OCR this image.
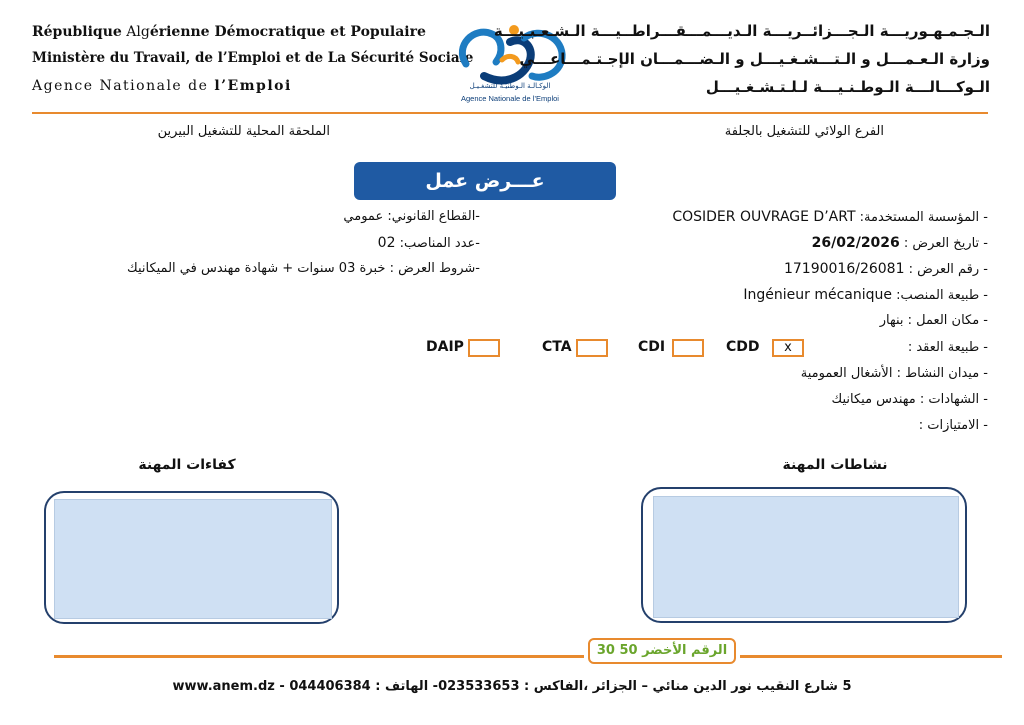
République Algérienne Démocratique et Populaire
Ministère du Travail, de l’Emploi et de La Sécurité Sociale
Agence Nationale de l’Emploi	الوكـالـة الـوطنيّـة للتشغـيـل
Agence Nationale de l’Emploi
الـجـمـهـوريـــة الـجـــزائــريـــة الـديـــمـــقـــراطــيـــة الـشـعـبـيـــة
وزارة الـعـمـــل و الـتـــشـغـيـــل و الـضـــمـــان الإجـتـمـــاعـــي
الـوكـــالـــة الـوطـنـيـــة لـلـتـشـغـيـــل
الفرع الولائي للتشغيل بالجلفة
الملحقة المحلية للتشغيل البيرين
عـــرض عمل
- المؤسسة المستخدمة: COSIDER OUVRAGE D’ART
- تاريخ العرض : 26/02/2026
- رقم العرض : 17190016/26081
- طبيعة المنصب: Ingénieur mécanique
- مكان العمل : بنهار
- طبيعة العقد :
- ميدان النشاط : الأشغال العمومية
- الشهادات : مهندس ميكانيك
- الامتيازات :
-القطاع القانوني: عمومي
-عدد المناصب: 02
-شروط العرض : خبرة 03 سنوات + شهادة مهندس في الميكانيك
CDD	x
CDI
CTA
DAIP
نشاطات المهنة
كفاءات المهنة
الرقم الأخضر 50 30
5 شارع النقيب نور الدين منائي – الجزائر ،الفاكس : 023533653- الهاتف : 044406384 - www.anem.dz
